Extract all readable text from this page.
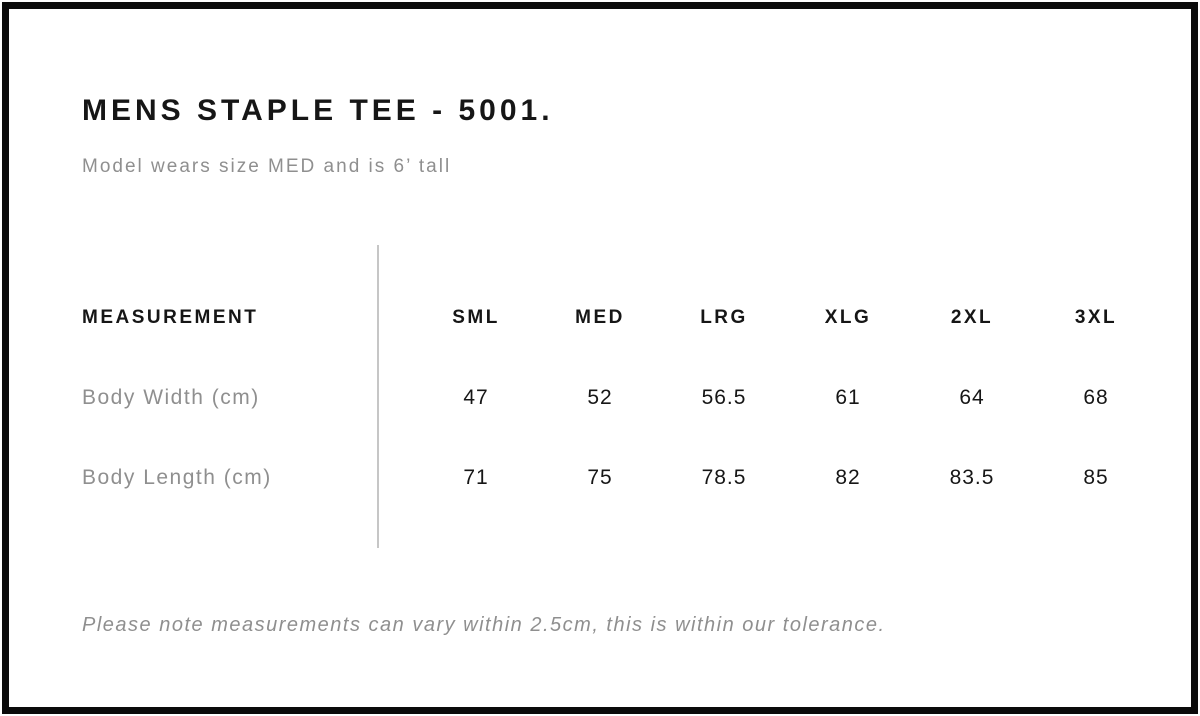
MENS STAPLE TEE - 5001.
Model wears size MED and is 6’ tall
MEASUREMENT	SML	MED	LRG	XLG	2XL	3XL
Body Width (cm)	47	52	56.5	61	64	68
Body Length (cm)	71	75	78.5	82	83.5	85
Please note measurements can vary within 2.5cm, this is within our tolerance.
